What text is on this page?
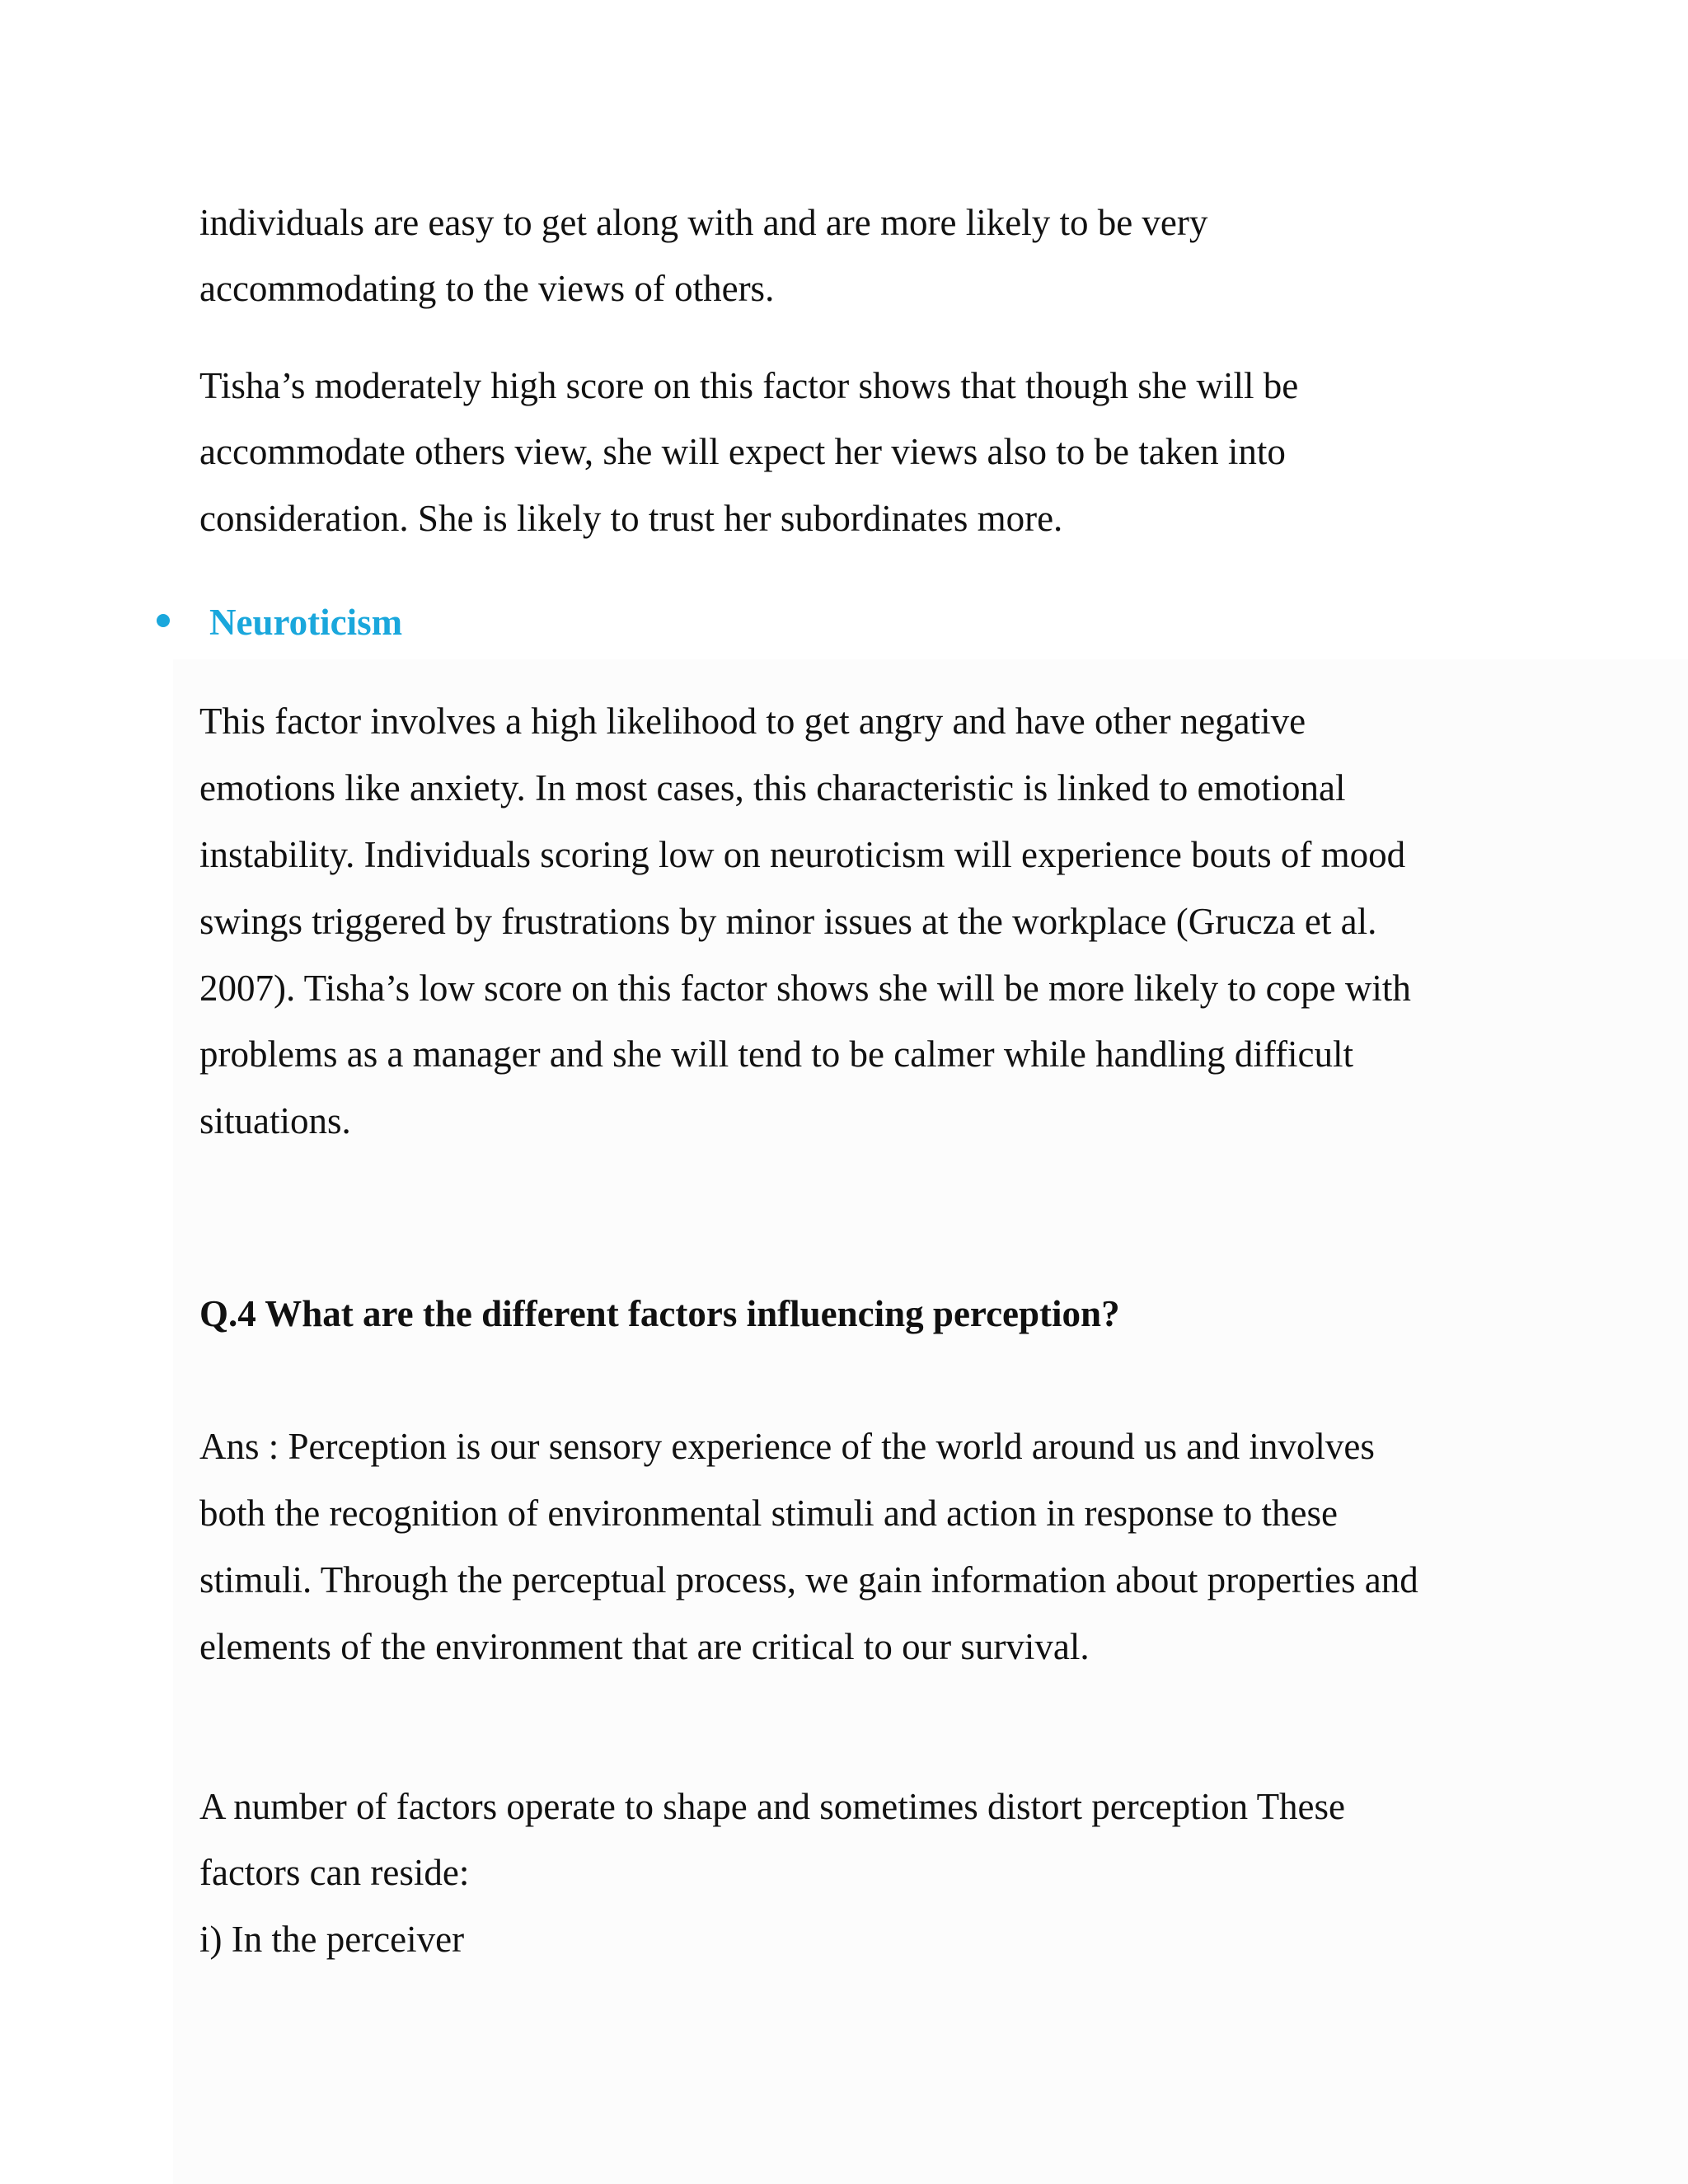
individuals are easy to get along with and are more likely to be very
accommodating to the views of others.
Tisha’s moderately high score on this factor shows that though she will be
accommodate others view, she will expect her views also to be taken into
consideration. She is likely to trust her subordinates more.
Neuroticism
This factor involves a high likelihood to get angry and have other negative
emotions like anxiety. In most cases, this characteristic is linked to emotional
instability. Individuals scoring low on neuroticism will experience bouts of mood
swings triggered by frustrations by minor issues at the workplace (Grucza et al.
2007). Tisha’s low score on this factor shows she will be more likely to cope with
problems as a manager and she will tend to be calmer while handling difficult
situations.
Q.4 What are the different factors influencing perception?
Ans : Perception is our sensory experience of the world around us and involves
both the recognition of environmental stimuli and action in response to these
stimuli. Through the perceptual process, we gain information about properties and
elements of the environment that are critical to our survival.
A number of factors operate to shape and sometimes distort perception These
factors can reside:
i) In the perceiver
